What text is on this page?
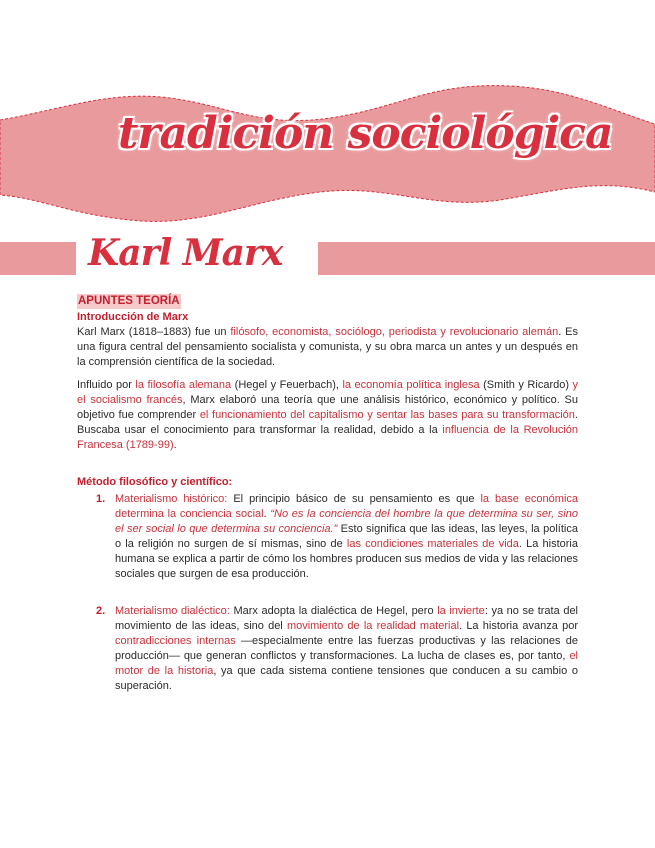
tradición sociológica
Karl Marx
APUNTES TEORÍA
Introducción de Marx

Karl Marx (1818–1883) fue un filósofo, economista, sociólogo, periodista y revolucionario alemán. Es una figura central del pensamiento socialista y comunista, y su obra marca un antes y un después en la comprensión científica de la sociedad.

Influido por la filosofía alemana (Hegel y Feuerbach), la economía política inglesa (Smith y Ricardo) y el socialismo francés, Marx elaboró una teoría que une análisis histórico, económico y político. Su objetivo fue comprender el funcionamiento del capitalismo y sentar las bases para su transformación. Buscaba usar el conocimiento para transformar la realidad, debido a la influencia de la Revolución Francesa (1789-99).

Método filosófico y científico:
1. Materialismo histórico: El principio básico de su pensamiento es que la base económica determina la conciencia social. “No es la conciencia del hombre la que determina su ser, sino el ser social lo que determina su conciencia.” Esto significa que las ideas, las leyes, la política o la religión no surgen de sí mismas, sino de las condiciones materiales de vida. La historia humana se explica a partir de cómo los hombres producen sus medios de vida y las relaciones sociales que surgen de esa producción.
2. Materialismo dialéctico: Marx adopta la dialéctica de Hegel, pero la invierte: ya no se trata del movimiento de las ideas, sino del movimiento de la realidad material. La historia avanza por contradicciones internas —especialmente entre las fuerzas productivas y las relaciones de producción— que generan conflictos y transformaciones. La lucha de clases es, por tanto, el motor de la historia, ya que cada sistema contiene tensiones que conducen a su cambio o superación.
